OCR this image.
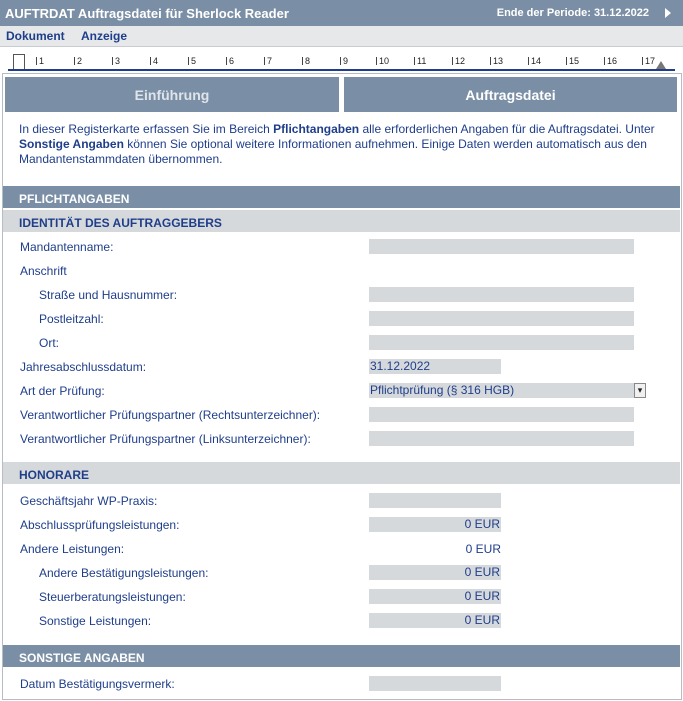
AUFTRDAT Auftragsdatei für Sherlock Reader	Ende der Periode: 31.12.2022
Dokument Anzeige
1	2	3	4	5	6	7	8	9	10	11	12	13	14	15	16	17
Einführung	Auftragsdatei
In dieser Registerkarte erfassen Sie im Bereich Pflichtangaben alle erforderlichen Angaben für die Auftragsdatei. Unter Sonstige Angaben können Sie optional weitere Informationen aufnehmen. Einige Daten werden automatisch aus den Mandantenstammdaten übernommen.
PFLICHTANGABEN
IDENTITÄT DES AUFTRAGGEBERS
Mandantenname:
Anschrift
Straße und Hausnummer:
Postleitzahl:
Ort:
Jahresabschlussdatum:	31.12.2022
Art der Prüfung:	Pflichtprüfung (§ 316 HGB)	▾
Verantwortlicher Prüfungspartner (Rechtsunterzeichner):
Verantwortlicher Prüfungspartner (Linksunterzeichner):
HONORARE
Geschäftsjahr WP-Praxis:
Abschlussprüfungsleistungen:	0 EUR
Andere Leistungen:	0 EUR
Andere Bestätigungsleistungen:	0 EUR
Steuerberatungsleistungen:	0 EUR
Sonstige Leistungen:	0 EUR
SONSTIGE ANGABEN
Datum Bestätigungsvermerk:
